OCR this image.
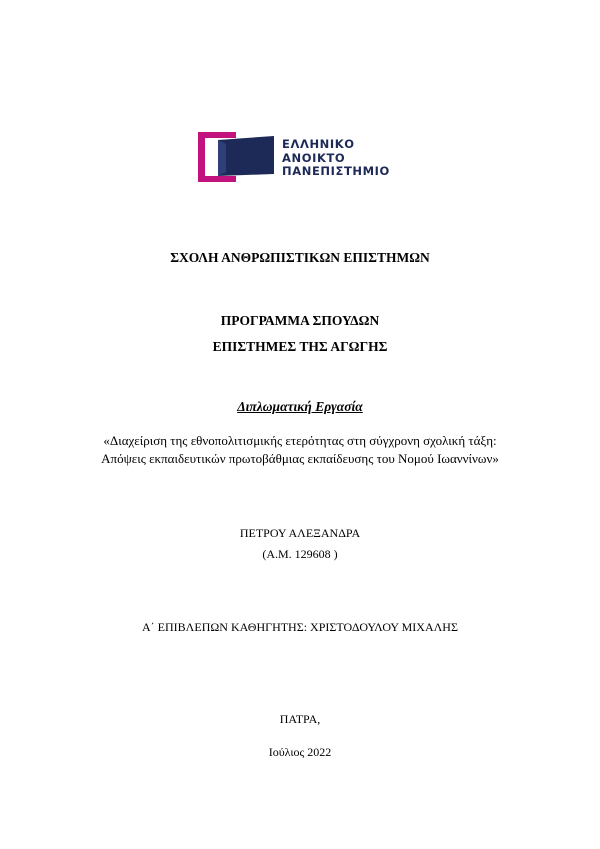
ΕΛΛΗΝΙΚΟ
ΑΝΟΙΚΤΟ
ΠΑΝΕΠΙΣΤΗΜΙΟ
ΣΧΟΛΗ ΑΝΘΡΩΠΙΣΤΙΚΩΝ ΕΠΙΣΤΗΜΩΝ
ΠΡΟΓΡΑΜΜΑ ΣΠΟΥΔΩΝ
ΕΠΙΣΤΗΜΕΣ ΤΗΣ ΑΓΩΓΗΣ
Διπλωματική Εργασία
«Διαχείριση της εθνοπολιτισμικής ετερότητας στη σύγχρονη σχολική τάξη: Απόψεις εκπαιδευτικών πρωτοβάθμιας εκπαίδευσης του Νομού Ιωαννίνων»
ΠΕΤΡΟΥ ΑΛΕΞΑΝΔΡΑ
(Α.Μ. 129608 )
Α΄ ΕΠΙΒΛΕΠΩΝ ΚΑΘΗΓΗΤΗΣ: ΧΡΙΣΤΟΔΟΥΛΟΥ ΜΙΧΑΛΗΣ
ΠΑΤΡΑ,
Ιούλιος 2022
